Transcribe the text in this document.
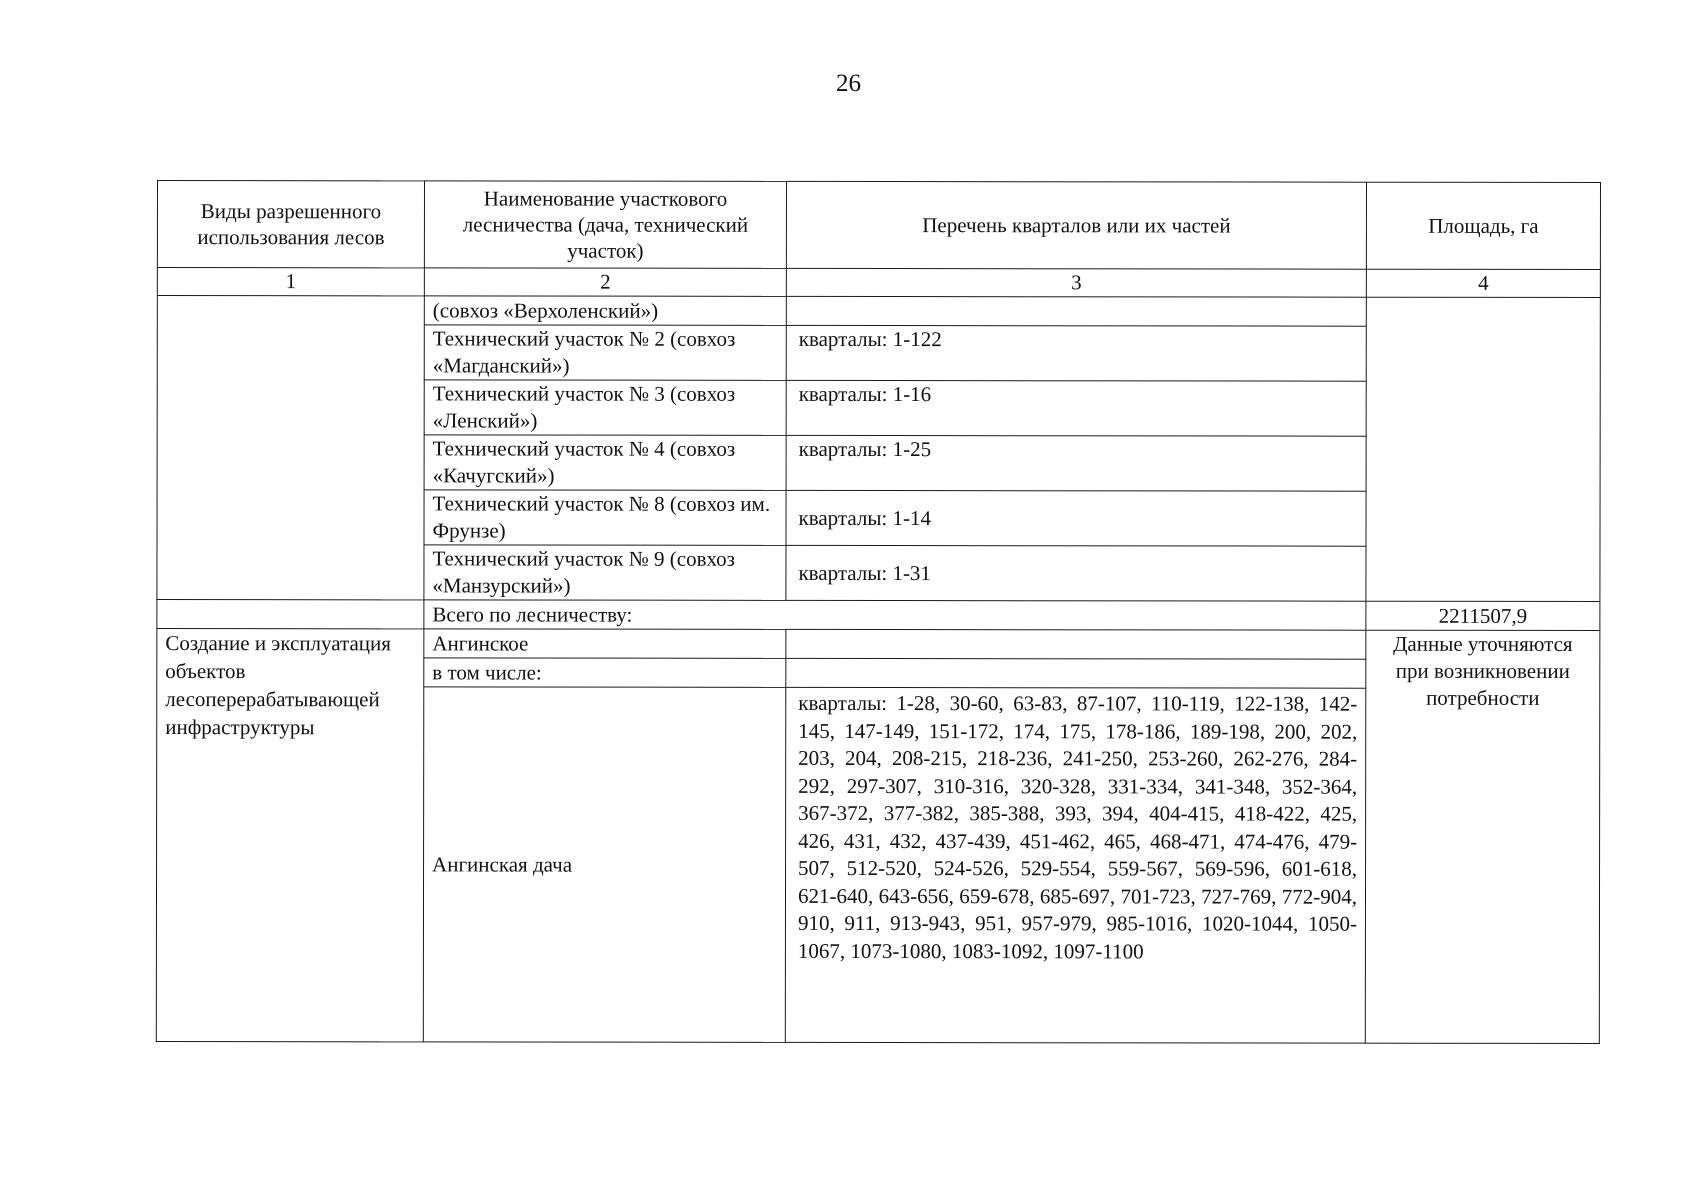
26
Виды разрешенного использования лесов	Наименование участкового лесничества (дача, технический участок)	Перечень кварталов или их частей	Площадь, га
1	2	3	4
	(совхоз «Верхоленский»)		
	Технический участок № 2 (совхоз «Магданский»)	кварталы: 1-122	
	Технический участок № 3 (совхоз «Ленский»)	кварталы: 1-16	
	Технический участок № 4 (совхоз «Качугский»)	кварталы: 1-25	
	Технический участок № 8 (совхоз им. Фрунзе)	кварталы: 1-14	
	Технический участок № 9 (совхоз «Манзурский»)	кварталы: 1-31	
	Всего по лесничеству:		2211507,9
Создание и эксплуатация объектов лесоперерабатывающей инфраструктуры	Ангинское		Данные уточняются при возникновении потребности
	в том числе:		
	Ангинская дача	кварталы: 1-28, 30-60, 63-83, 87-107, 110-119, 122-138, 142-145, 147-149, 151-172, 174, 175, 178-186, 189-198, 200, 202, 203, 204, 208-215, 218-236, 241-250, 253-260, 262-276, 284-292, 297-307, 310-316, 320-328, 331-334, 341-348, 352-364, 367-372, 377-382, 385-388, 393, 394, 404-415, 418-422, 425, 426, 431, 432, 437-439, 451-462, 465, 468-471, 474-476, 479-507, 512-520, 524-526, 529-554, 559-567, 569-596, 601-618, 621-640, 643-656, 659-678, 685-697, 701-723, 727-769, 772-904, 910, 911, 913-943, 951, 957-979, 985-1016, 1020-1044, 1050-1067, 1073-1080, 1083-1092, 1097-1100	
